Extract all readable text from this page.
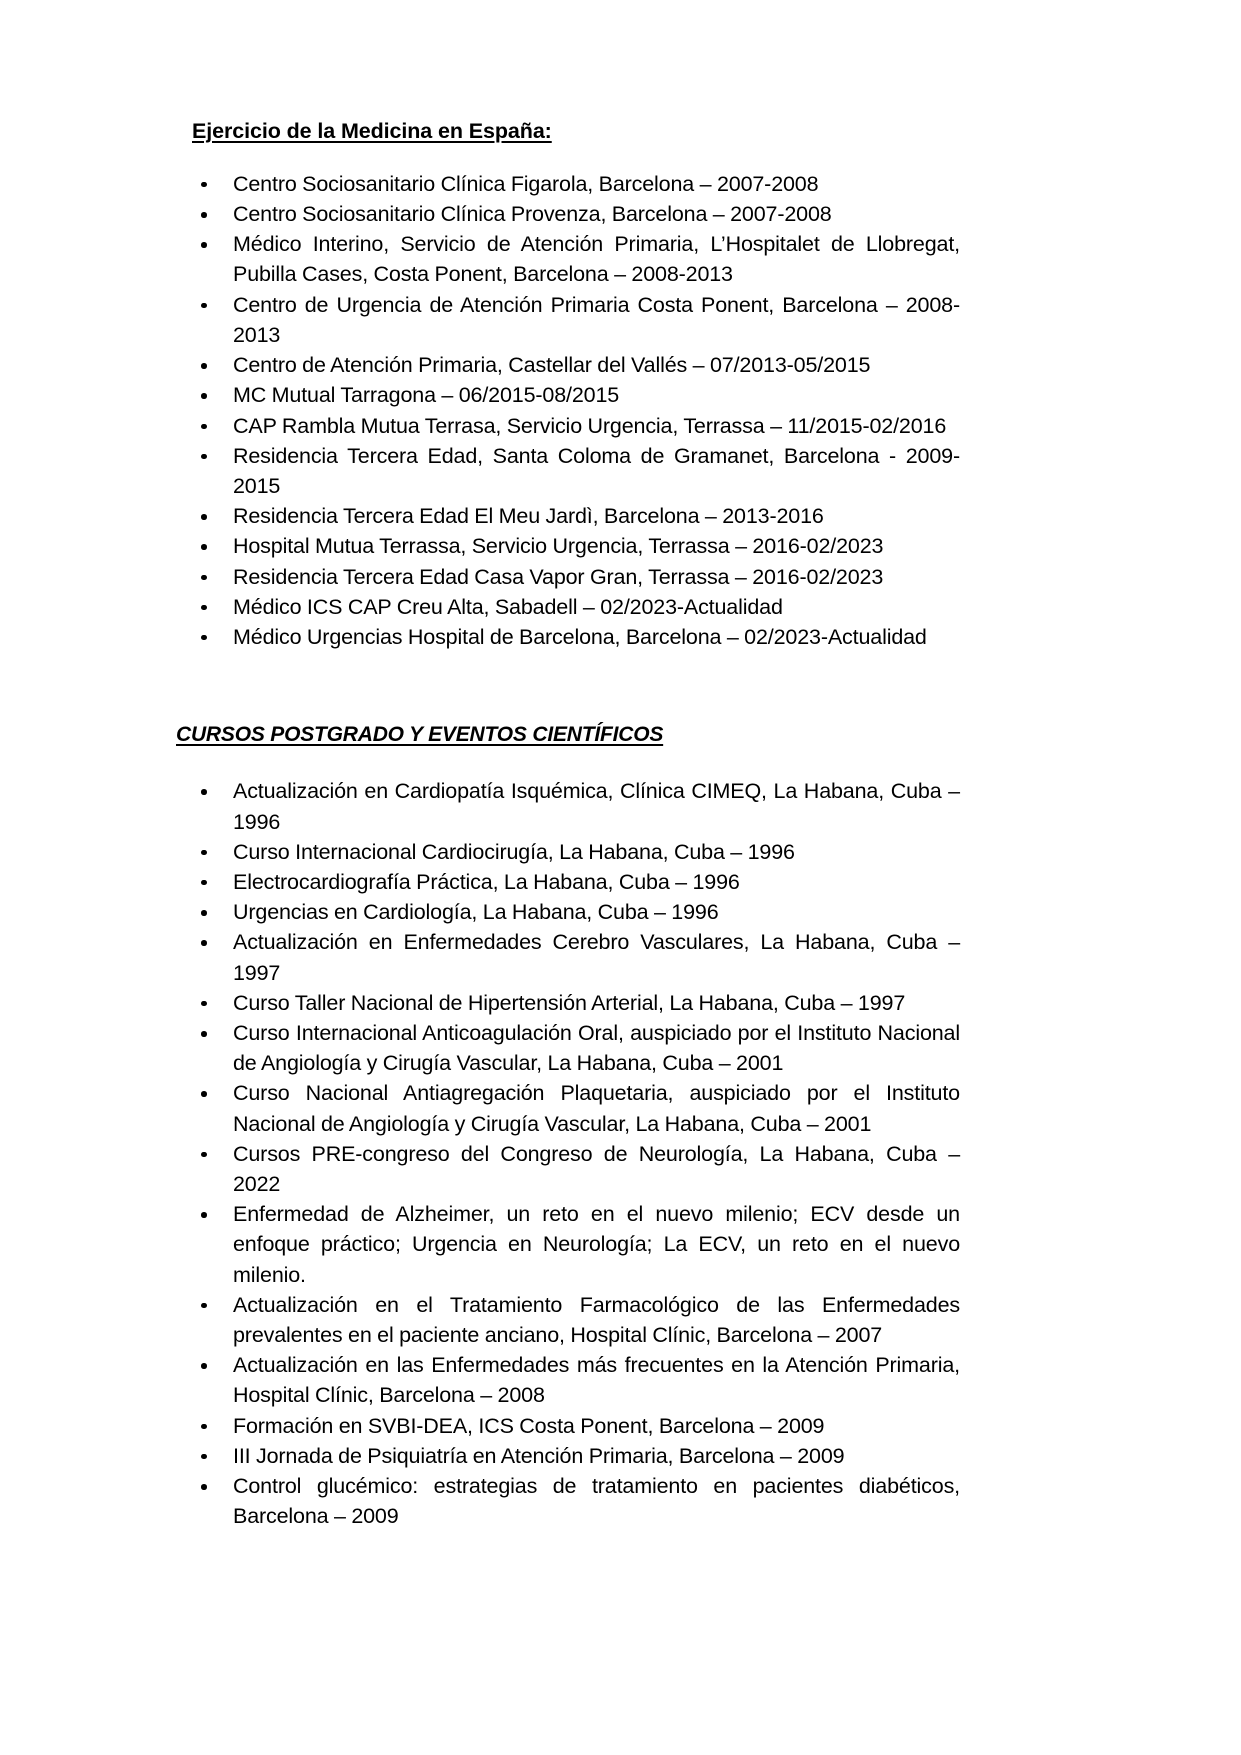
Ejercicio de la Medicina en España:
Centro Sociosanitario Clínica Figarola, Barcelona – 2007-2008
Centro Sociosanitario Clínica Provenza, Barcelona – 2007-2008
Médico Interino, Servicio de Atención Primaria, L’Hospitalet de Llobregat, Pubilla Cases, Costa Ponent, Barcelona – 2008-2013
Centro de Urgencia de Atención Primaria Costa Ponent, Barcelona – 2008-2013
Centro de Atención Primaria, Castellar del Vallés – 07/2013-05/2015
MC Mutual Tarragona – 06/2015-08/2015
CAP Rambla Mutua Terrasa, Servicio Urgencia, Terrassa – 11/2015-02/2016
Residencia Tercera Edad, Santa Coloma de Gramanet, Barcelona - 2009-2015
Residencia Tercera Edad El Meu Jardì, Barcelona – 2013-2016
Hospital Mutua Terrassa, Servicio Urgencia, Terrassa – 2016-02/2023
Residencia Tercera Edad Casa Vapor Gran, Terrassa – 2016-02/2023
Médico ICS CAP Creu Alta, Sabadell – 02/2023-Actualidad
Médico Urgencias Hospital de Barcelona, Barcelona – 02/2023-Actualidad
CURSOS POSTGRADO Y EVENTOS CIENTÍFICOS
Actualización en Cardiopatía Isquémica, Clínica CIMEQ, La Habana, Cuba – 1996
Curso Internacional Cardiocirugía, La Habana, Cuba – 1996
Electrocardiografía Práctica, La Habana, Cuba – 1996
Urgencias en Cardiología, La Habana, Cuba – 1996
Actualización en Enfermedades Cerebro Vasculares, La Habana, Cuba – 1997
Curso Taller Nacional de Hipertensión Arterial, La Habana, Cuba – 1997
Curso Internacional Anticoagulación Oral, auspiciado por el Instituto Nacional de Angiología y Cirugía Vascular, La Habana, Cuba – 2001
Curso Nacional Antiagregación Plaquetaria, auspiciado por el Instituto Nacional de Angiología y Cirugía Vascular, La Habana, Cuba – 2001
Cursos PRE-congreso del Congreso de Neurología, La Habana, Cuba – 2022
Enfermedad de Alzheimer, un reto en el nuevo milenio; ECV desde un enfoque práctico; Urgencia en Neurología; La ECV, un reto en el nuevo milenio.
Actualización en el Tratamiento Farmacológico de las Enfermedades prevalentes en el paciente anciano, Hospital Clínic, Barcelona – 2007
Actualización en las Enfermedades más frecuentes en la Atención Primaria, Hospital Clínic, Barcelona – 2008
Formación en SVBI-DEA, ICS Costa Ponent, Barcelona – 2009
III Jornada de Psiquiatría en Atención Primaria, Barcelona – 2009
Control glucémico: estrategias de tratamiento en pacientes diabéticos, Barcelona – 2009
